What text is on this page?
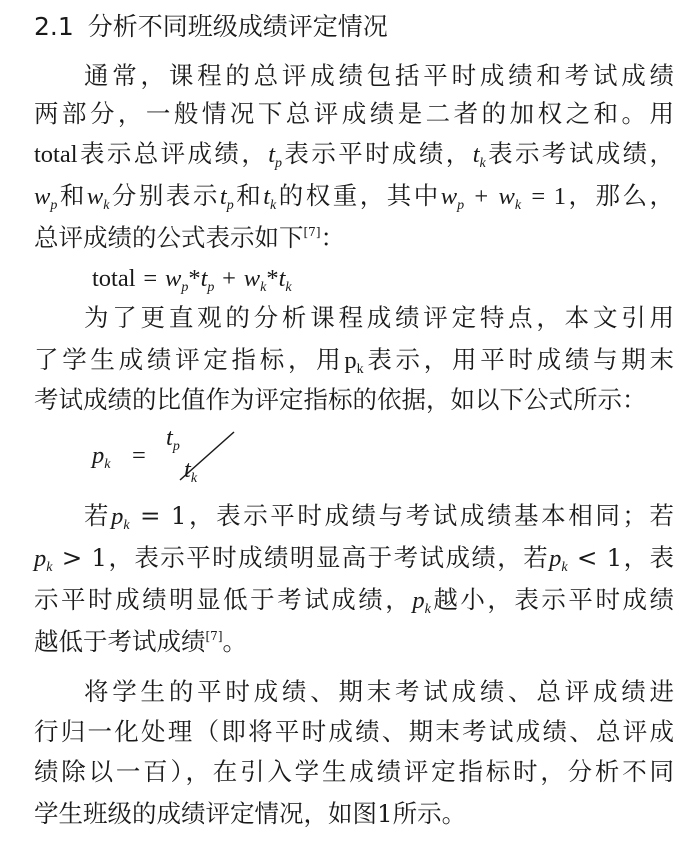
2.1 分析不同班级成绩评定情况
通常，课程的总评成绩包括平时成绩和考试成绩
两部分，一般情况下总评成绩是二者的加权之和。用
total表示总评成绩，$t_p$表示平时成绩，$t_k$表示考试成绩，
$w_p$和$w_k$分别表示$t_p$和$t_k$的权重，其中$w_p + w_k = 1$，那么，
总评成绩的公式表示如下[7]：
total = $w_p*t_p + w_k*t_k$
为了更直观的分析课程成绩评定特点，本文引用
了学生成绩评定指标，用$p_k$表示，用平时成绩与期末
考试成绩的比值作为评定指标的依据，如以下公式所示：
$p_k$ =
$t_p$
$t_k$
若$p_k = 1$，表示平时成绩与考试成绩基本相同；若
$p_k > 1$，表示平时成绩明显高于考试成绩，若$p_k < 1$，表
示平时成绩明显低于考试成绩，$p_k$越小，表示平时成绩
越低于考试成绩[7]。
将学生的平时成绩、期末考试成绩、总评成绩进
行归一化处理（即将平时成绩、期末考试成绩、总评成
绩除以一百），在引入学生成绩评定指标时，分析不同
学生班级的成绩评定情况，如图1所示。
